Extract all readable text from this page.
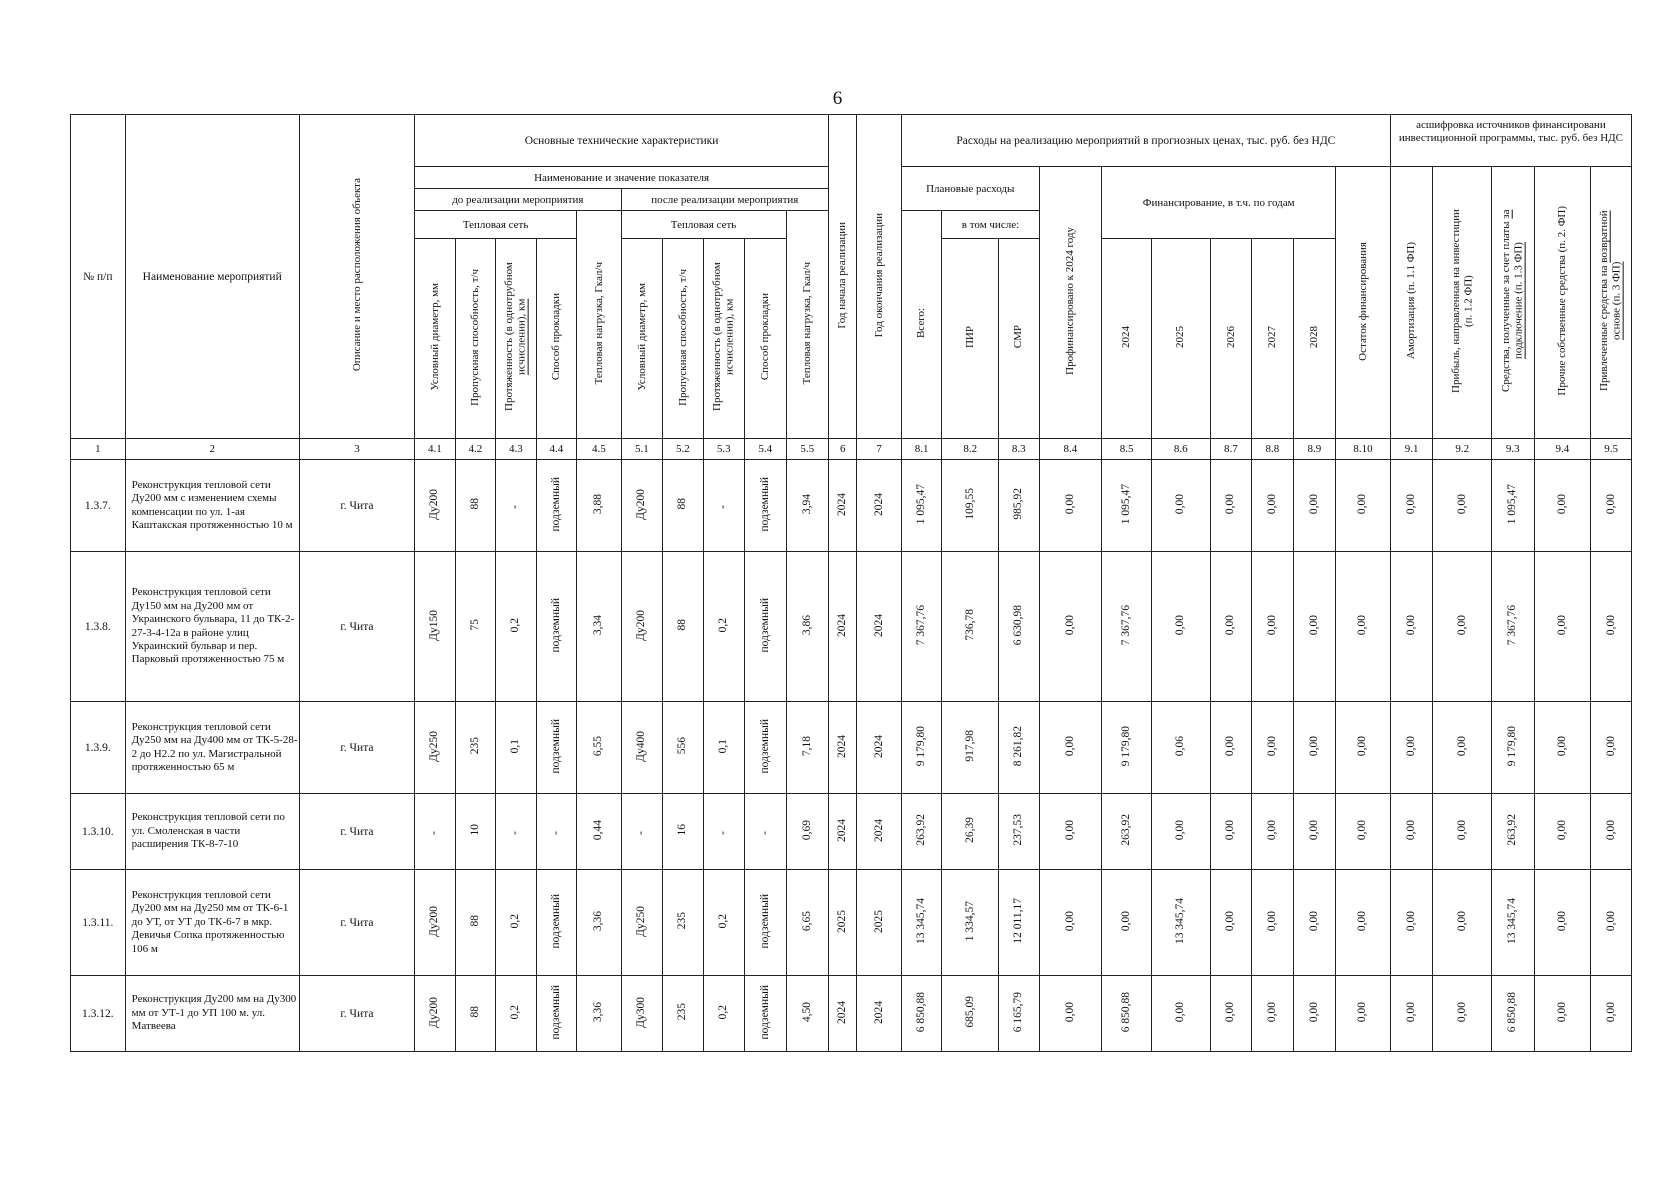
6
№ п/п	Наименование мероприятий	Описание и место расположения объекта	Основные технические характеристики										Год начала реализации	Год окончания реализации	Расходы на реализацию мероприятий в прогнозных ценах, тыс. руб. без НДС										асшифровка источников финансировани инвестиционной программы, тыс. руб. без НДС				
			Наименование и значение показателя												Плановые расходы			Профинансировано к 2024 году	Финансирование, в т.ч. по годам					Остаток финансирования	Амортизация (п. 1.1 ФП)	Прибыль, направленная на инвестиции (п. 1.2 ФП)	Средства, полученные за счет платы за подключение (п. 1.3 ФП)	Прочие собственные средства (п. 2. ФП)	Привлеченные средства на возвратной основе (п. 3 ФП)
			до реализации мероприятия					после реализации мероприятия																					
			Тепловая сеть				Тепловая нагрузка, Гкал/ч	Тепловая сеть				Тепловая нагрузка, Гкал/ч			Всего:	в том числе:													
			Условный диаметр, мм	Пропускная способность, т/ч	Протяженность (в однотрубном исчислении), км	Способ прокладки		Условный диаметр, мм	Пропускная способность, т/ч	Протяженность (в однотрубном исчислении), км	Способ прокладки					ПИР	СМР		2024	2025	2026	2027	2028						
1	2	3	4.1	4.2	4.3	4.4	4.5	5.1	5.2	5.3	5.4	5.5	6	7	8.1	8.2	8.3	8.4	8.5	8.6	8.7	8.8	8.9	8.10	9.1	9.2	9.3	9.4	9.5
1.3.7.	Реконструкция тепловой сети Ду200 мм с изменением схемы компенсации по ул. 1-ая Каштакская протяженностью 10 м	г. Чита	Ду200	88	-	подземный	3,88	Ду200	88	-	подземный	3,94	2024	2024	1 095,47	109,55	985,92	0,00	1 095,47	0,00	0,00	0,00	0,00	0,00	0,00	0,00	1 095,47	0,00	0,00
1.3.8.	Реконструкция тепловой сети Ду150 мм на Ду200 мм от Украинского бульвара, 11 до ТК-2-27-3-4-12а в районе улиц Украинский бульвар и пер. Парковый протяженностью 75 м	г. Чита	Ду150	75	0,2	подземный	3,34	Ду200	88	0,2	подземный	3,86	2024	2024	7 367,76	736,78	6 630,98	0,00	7 367,76	0,00	0,00	0,00	0,00	0,00	0,00	0,00	7 367,76	0,00	0,00
1.3.9.	Реконструкция тепловой сети Ду250 мм на Ду400 мм от ТК-5-28-2 до Н2.2 по ул. Магистральной протяженностью 65 м	г. Чита	Ду250	235	0,1	подземный	6,55	Ду400	556	0,1	подземный	7,18	2024	2024	9 179,80	917,98	8 261,82	0,00	9 179,80	0,06	0,00	0,00	0,00	0,00	0,00	0,00	9 179,80	0,00	0,00
1.3.10.	Реконструкция тепловой сети по ул. Смоленская в части расширения ТК-8-7-10	г. Чита	-	10	-	-	0,44	-	16	-	-	0,69	2024	2024	263,92	26,39	237,53	0,00	263,92	0,00	0,00	0,00	0,00	0,00	0,00	0,00	263,92	0,00	0,00
1.3.11.	Реконструкция тепловой сети Ду200 мм на Ду250 мм от ТК-6-1 до УТ, от УТ до ТК-6-7 в мкр. Девичья Сопка протяженностью 106 м	г. Чита	Ду200	88	0,2	подземный	3,36	Ду250	235	0,2	подземный	6,65	2025	2025	13 345,74	1 334,57	12 011,17	0,00	0,00	13 345,74	0,00	0,00	0,00	0,00	0,00	0,00	13 345,74	0,00	0,00
1.3.12.	Реконструкция Ду200 мм на Ду300 мм от УТ-1 до УП 100 м. ул. Матвеева	г. Чита	Ду200	88	0,2	подземный	3,36	Ду300	235	0,2	подземный	4,50	2024	2024	6 850,88	685,09	6 165,79	0,00	6 850,88	0,00	0,00	0,00	0,00	0,00	0,00	0,00	6 850,88	0,00	0,00
